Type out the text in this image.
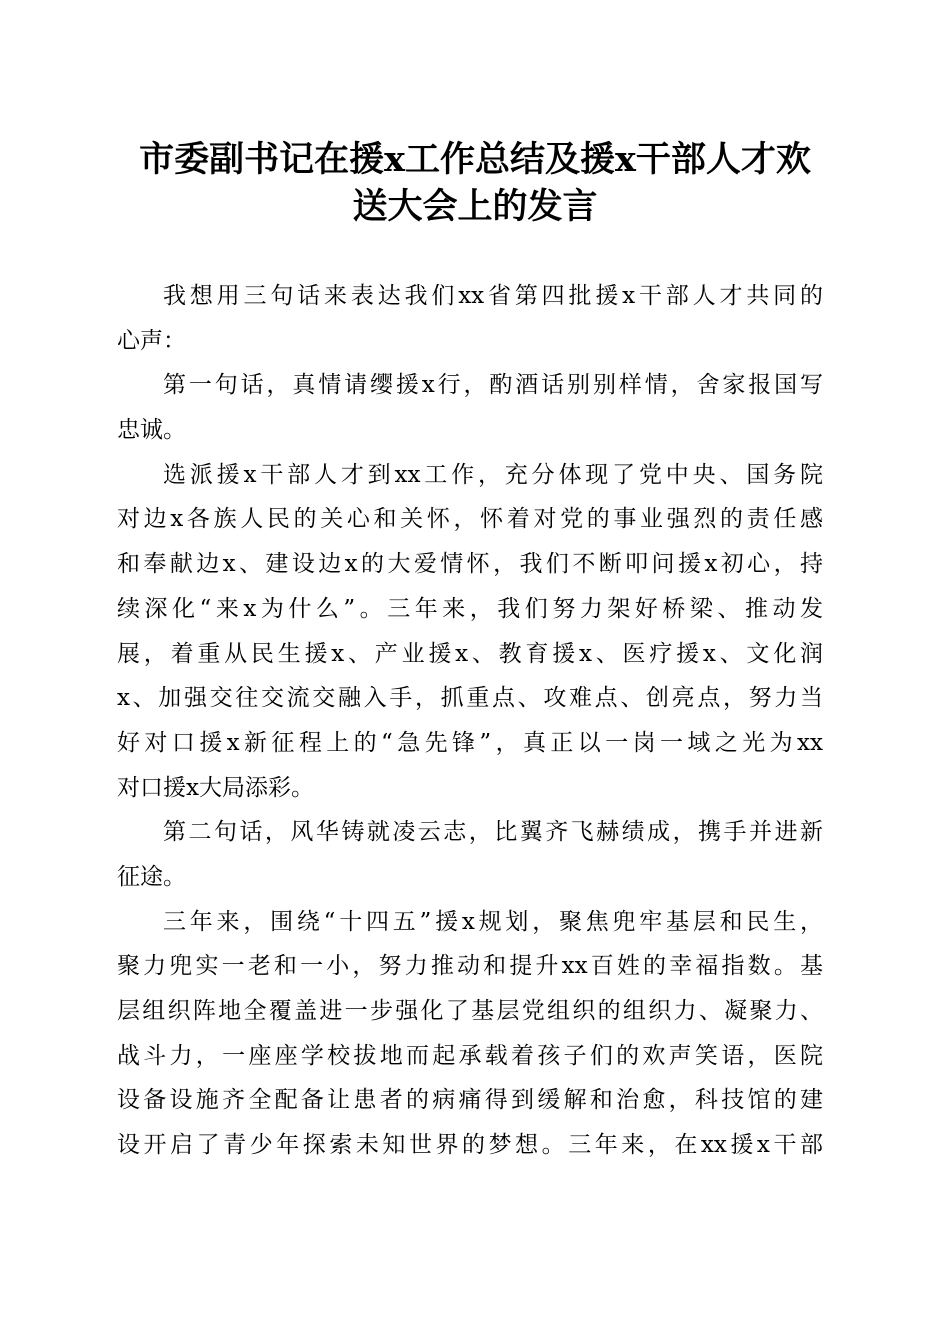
市委副书记在援x工作总结及援x干部人才欢
送大会上的发言
我想用三句话来表达我们xx省第四批援x干部人才共同的
心声：
第一句话，真情请缨援x行，酌酒话别别样情，舍家报国写
忠诚。
选派援x干部人才到xx工作，充分体现了党中央、国务院
对边x各族人民的关心和关怀，怀着对党的事业强烈的责任感
和奉献边x、建设边x的大爱情怀，我们不断叩问援x初心，持
续深化“来x为什么”。三年来，我们努力架好桥梁、推动发
展，着重从民生援x、产业援x、教育援x、医疗援x、文化润
x、加强交往交流交融入手，抓重点、攻难点、创亮点，努力当
好对口援x新征程上的“急先锋”，真正以一岗一域之光为xx
对口援x大局添彩。
第二句话，风华铸就凌云志，比翼齐飞赫绩成，携手并进新
征途。
三年来，围绕“十四五”援x规划，聚焦兜牢基层和民生，
聚力兜实一老和一小，努力推动和提升xx百姓的幸福指数。基
层组织阵地全覆盖进一步强化了基层党组织的组织力、凝聚力、
战斗力，一座座学校拔地而起承载着孩子们的欢声笑语，医院
设备设施齐全配备让患者的病痛得到缓解和治愈，科技馆的建
设开启了青少年探索未知世界的梦想。三年来，在xx援x干部
